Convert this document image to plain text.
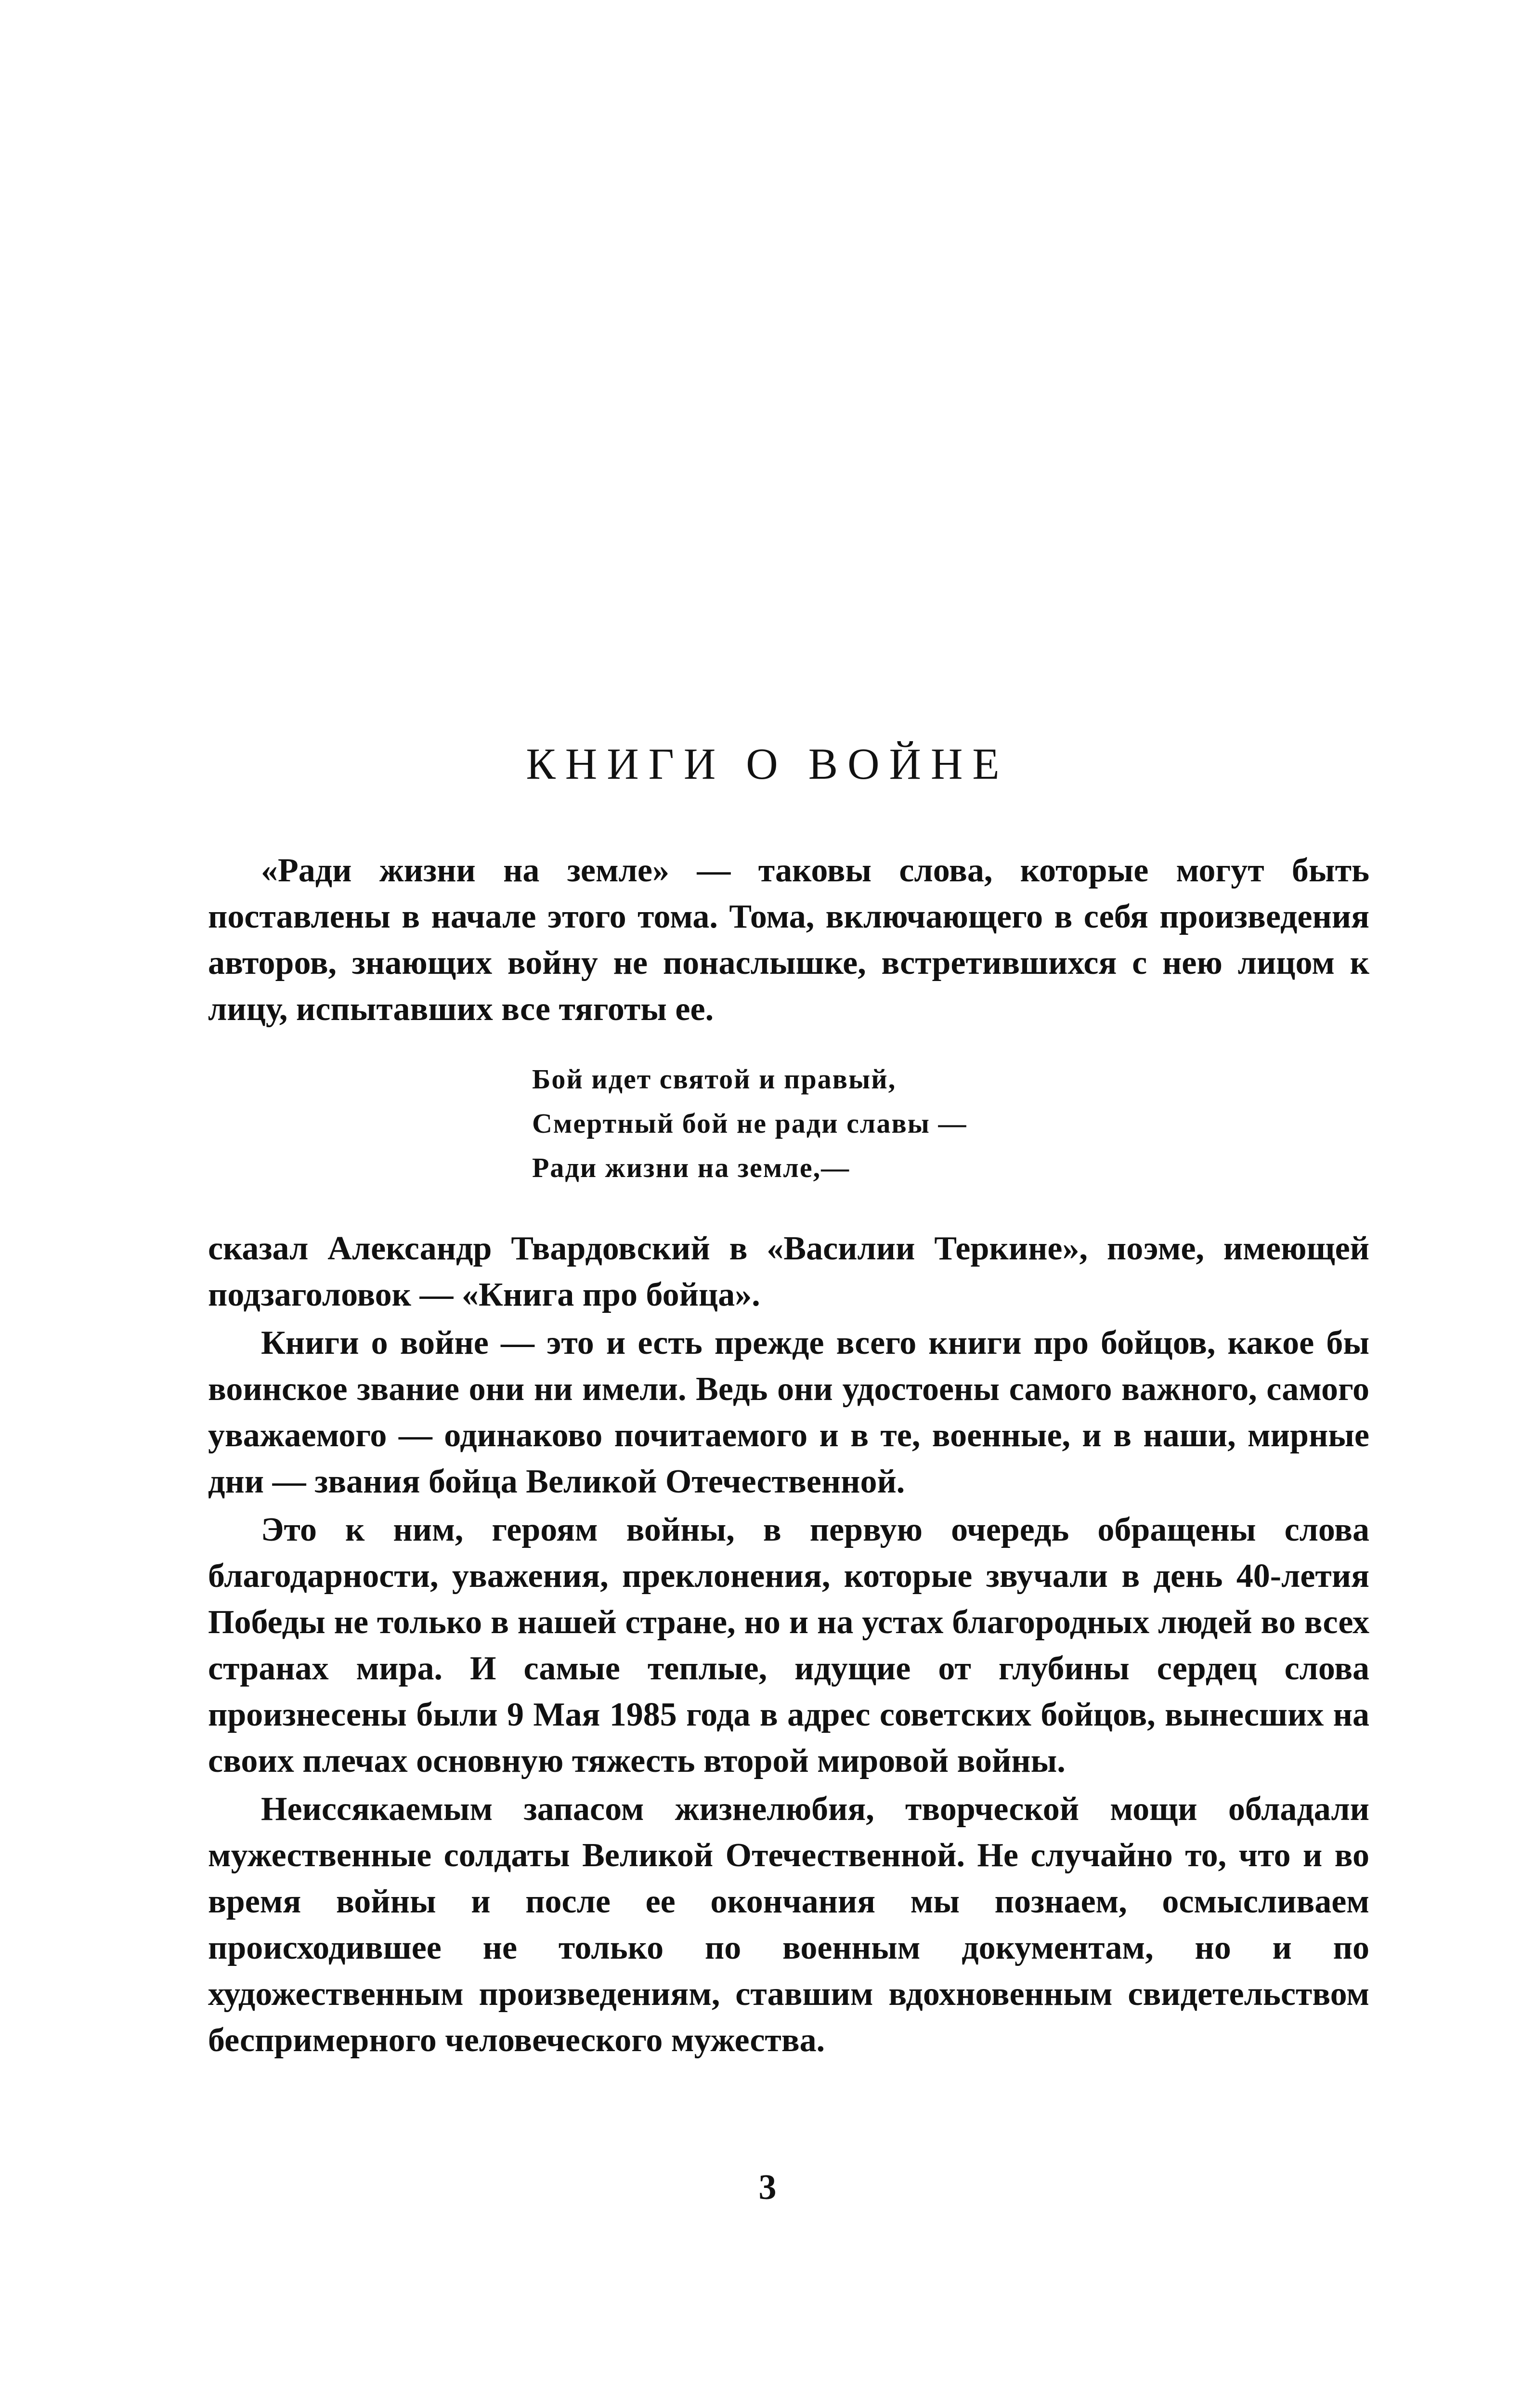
КНИГИ О ВОЙНЕ

«Ради жизни на земле» — таковы слова, которые могут быть поставлены в начале этого тома. Тома, включающего в себя произведения авторов, знающих войну не понаслышке, встретившихся с нею лицом к лицу, испытавших все тяготы ее.

Бой идет святой и правый,
Смертный бой не ради славы —
Ради жизни на земле,—

сказал Александр Твардовский в «Василии Теркине», поэме, имеющей подзаголовок — «Книга про бойца».

Книги о войне — это и есть прежде всего книги про бойцов, какое бы воинское звание они ни имели. Ведь они удостоены самого важного, самого уважаемого — одинаково почитаемого и в те, военные, и в наши, мирные дни — звания бойца Великой Отечественной.

Это к ним, героям войны, в первую очередь обращены слова благодарности, уважения, преклонения, которые звучали в день 40-летия Победы не только в нашей стране, но и на устах благородных людей во всех странах мира. И самые теплые, идущие от глубины сердец слова произнесены были 9 Мая 1985 года в адрес советских бойцов, вынесших на своих плечах основную тяжесть второй мировой войны.

Неиссякаемым запасом жизнелюбия, творческой мощи обладали мужественные солдаты Великой Отечественной. Не случайно то, что и во время войны и после ее окончания мы познаем, осмысливаем происходившее не только по военным документам, но и по художественным произведениям, ставшим вдохновенным свидетельством беспримерного человеческого мужества.

3
